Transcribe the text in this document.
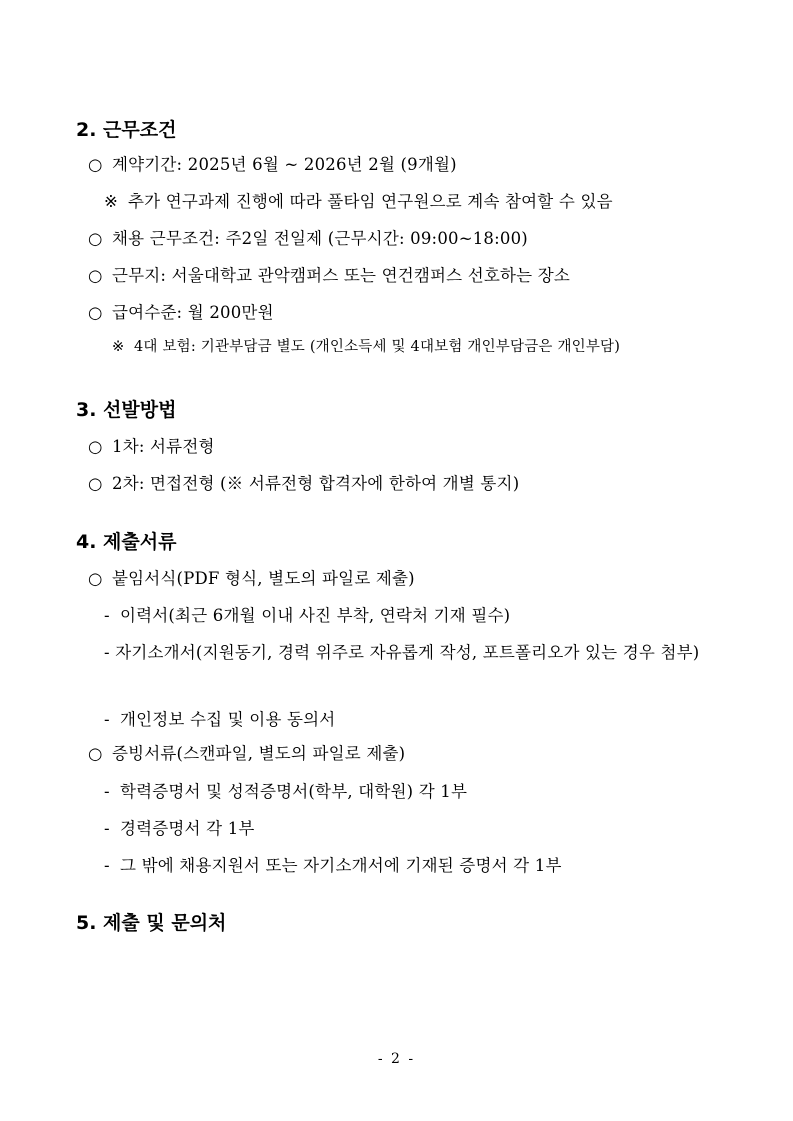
2. 근무조건
○ 계약기간: 2025년 6월 ~ 2026년 2월 (9개월)
※ 추가 연구과제 진행에 따라 풀타임 연구원으로 계속 참여할 수 있음
○ 채용 근무조건: 주2일 전일제 (근무시간: 09:00~18:00)
○ 근무지: 서울대학교 관악캠퍼스 또는 연건캠퍼스 선호하는 장소
○ 급여수준: 월 200만원
※ 4대 보험: 기관부담금 별도 (개인소득세 및 4대보험 개인부담금은 개인부담)
3. 선발방법
○ 1차: 서류전형
○ 2차: 면접전형 (※ 서류전형 합격자에 한하여 개별 통지)
4. 제출서류
○ 붙임서식(PDF 형식, 별도의 파일로 제출)
- 이력서(최근 6개월 이내 사진 부착, 연락처 기재 필수)
- 자기소개서(지원동기, 경력 위주로 자유롭게 작성, 포트폴리오가 있는 경우 첨부)
- 개인정보 수집 및 이용 동의서
○ 증빙서류(스캔파일, 별도의 파일로 제출)
- 학력증명서 및 성적증명서(학부, 대학원) 각 1부
- 경력증명서 각 1부
- 그 밖에 채용지원서 또는 자기소개서에 기재된 증명서 각 1부
5. 제출 및 문의처
- 2 -
